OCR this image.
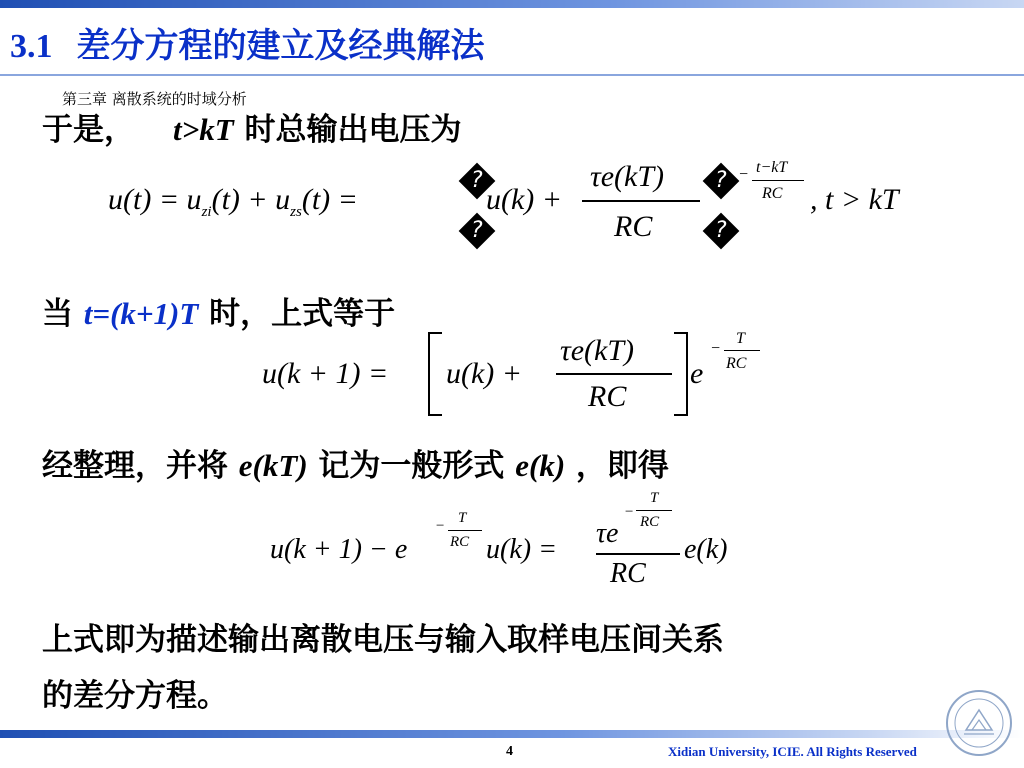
3.1 差分方程的建立及经典解法
第三章 离散系统的时域分析
于是， t>kT 时总输出电压为
$u(t) = u_{zi}(t) + u_{zs}(t)$ =
?
?
u(k) +
τe(kT)
RC
?
?
− t−kT
RC , t > kT
当 t=(k+1)T 时，上式等于
u(k + 1) = u(k) +
τe(kT)
RC
e
−
T
RC
经整理，并将 e(kT) 记为一般形式 e(k) ，即得
u(k + 1) − e
− T
RC u(k) =
τe
−
T
RC
RC
e(k)
上式即为描述输出离散电压与输入取样电压间关系
的差分方程。
4	Xidian University, ICIE. All Rights Reserved
